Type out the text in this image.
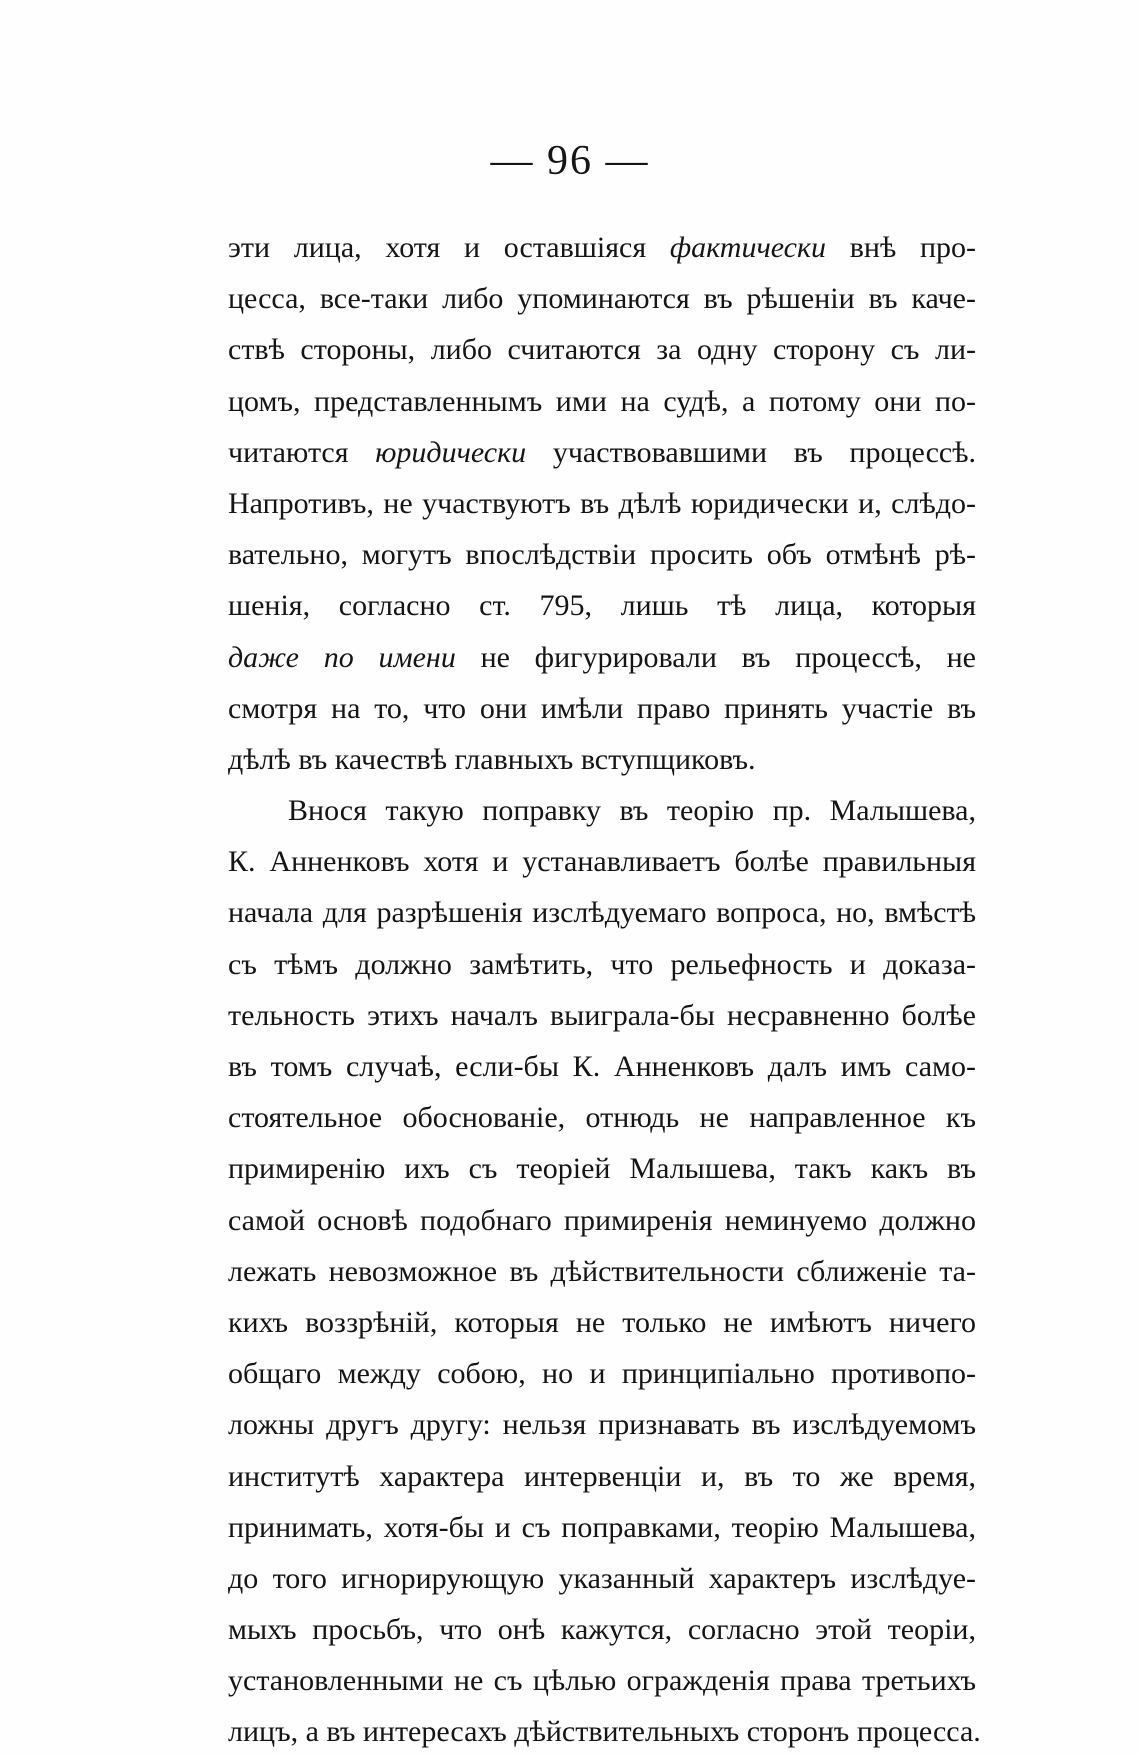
— 96 —
эти лица, хотя и оставшіяся фактически внѣ про-
цесса, все-таки либо упоминаются въ рѣшеніи въ каче-
ствѣ стороны, либо считаются за одну сторону съ ли-
цомъ, представленнымъ ими на судѣ, а потому они по-
читаются юридически участвовавшими въ процессѣ.
Напротивъ, не участвуютъ въ дѣлѣ юридически и, слѣдо-
вательно, могутъ впослѣдствіи просить объ отмѣнѣ рѣ-
шенія, согласно ст. 795, лишь тѣ лица, которыя
даже по имени не фигурировали въ процессѣ, не
смотря на то, что они имѣли право принять участіе въ
дѣлѣ въ качествѣ главныхъ вступщиковъ.
Внося такую поправку въ теорію пр. Малышева,
К. Анненковъ хотя и устанавливаетъ болѣе правильныя
начала для разрѣшенія изслѣдуемаго вопроса, но, вмѣстѣ
съ тѣмъ должно замѣтить, что рельефность и доказа-
тельность этихъ началъ выиграла-бы несравненно болѣе
въ томъ случаѣ, если-бы К. Анненковъ далъ имъ само-
стоятельное обоснованіе, отнюдь не направленное къ
примиренію ихъ съ теоріей Малышева, такъ какъ въ
самой основѣ подобнаго примиренія неминуемо должно
лежать невозможное въ дѣйствительности сближеніе та-
кихъ воззрѣній, которыя не только не имѣютъ ничего
общаго между собою, но и принципіально противопо-
ложны другъ другу: нельзя признавать въ изслѣдуемомъ
институтѣ характера интервенціи и, въ то же время,
принимать, хотя-бы и съ поправками, теорію Малышева,
до того игнорирующую указанный характеръ изслѣдуе-
мыхъ просьбъ, что онѣ кажутся, согласно этой теоріи,
установленными не съ цѣлью огражденія права третьихъ
лицъ, а въ интересахъ дѣйствительныхъ сторонъ процесса.
